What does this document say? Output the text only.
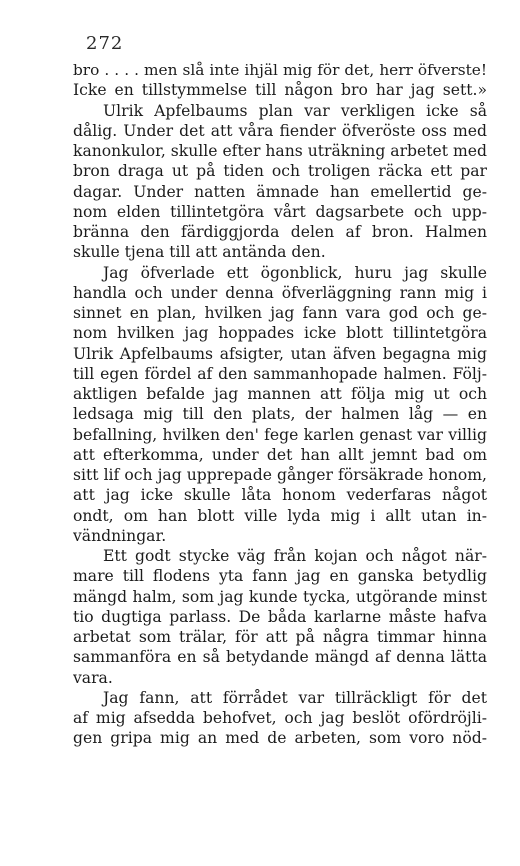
272
bro . . . . men slå inte ihjäl mig för det, herr öfverste!
Icke en tillstymmelse till någon bro har jag sett.»
Ulrik Apfelbaums plan var verkligen icke så
dålig. Under det att våra fiender öfveröste oss med
kanonkulor, skulle efter hans uträkning arbetet med
bron draga ut på tiden och troligen räcka ett par
dagar. Under natten ämnade han emellertid ge-
nom elden tillintetgöra vårt dagsarbete och upp-
bränna den färdiggjorda delen af bron. Halmen
skulle tjena till att antända den.
Jag öfverlade ett ögonblick, huru jag skulle
handla och under denna öfverläggning rann mig i
sinnet en plan, hvilken jag fann vara god och ge-
nom hvilken jag hoppades icke blott tillintetgöra
Ulrik Apfelbaums afsigter, utan äfven begagna mig
till egen fördel af den sammanhopade halmen. Följ-
aktligen befalde jag mannen att följa mig ut och
ledsaga mig till den plats, der halmen låg — en
befallning, hvilken den' fege karlen genast var villig
att efterkomma, under det han allt jemnt bad om
sitt lif och jag upprepade gånger försäkrade honom,
att jag icke skulle låta honom vederfaras något
ondt, om han blott ville lyda mig i allt utan in-
vändningar.
Ett godt stycke väg från kojan och något när-
mare till flodens yta fann jag en ganska betydlig
mängd halm, som jag kunde tycka, utgörande minst
tio dugtiga parlass. De båda karlarne måste hafva
arbetat som trälar, för att på några timmar hinna
sammanföra en så betydande mängd af denna lätta
vara.
Jag fann, att förrådet var tillräckligt för det
af mig afsedda behofvet, och jag beslöt ofördröjli-
gen gripa mig an med de arbeten, som voro nöd-
